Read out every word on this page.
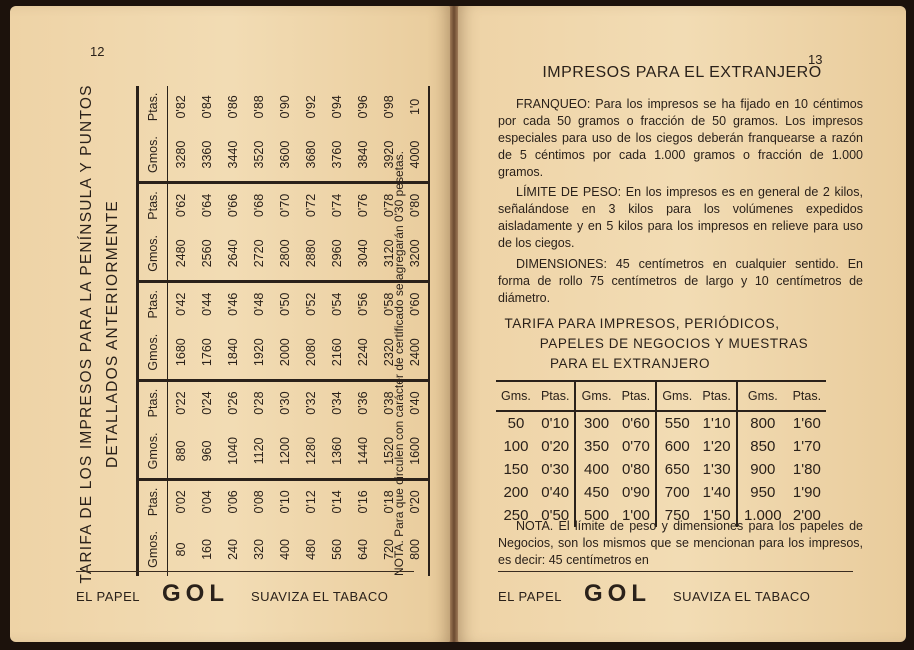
12
TARIFA DE LOS IMPRESOS PARA LA PENÍNSULA Y PUNTOS DETALLADOS ANTERIORMENTE
Gmos.	Ptas.	Gmos.	Ptas.	Gmos.	Ptas.	Gmos.	Ptas.	Gmos.	Ptas.
80	0'02	880	0'22	1680	0'42	2480	0'62	3280	0'82
160	0'04	960	0'24	1760	0'44	2560	0'64	3360	0'84
240	0'06	1040	0'26	1840	0'46	2640	0'66	3440	0'86
320	0'08	1120	0'28	1920	0'48	2720	0'68	3520	0'88
400	0'10	1200	0'30	2000	0'50	2800	0'70	3600	0'90
480	0'12	1280	0'32	2080	0'52	2880	0'72	3680	0'92
560	0'14	1360	0'34	2160	0'54	2960	0'74	3760	0'94
640	0'16	1440	0'36	2240	0'56	3040	0'76	3840	0'96
720	0'18	1520	0'38	2320	0'58	3120	0'78	3920	0'98
800	0'20	1600	0'40	2400	0'60	3200	0'80	4000	1'0
NOTA. Para que circulen con carácter de certificado se agregarán 0'30 pesetas.
EL PAPEL GOL SUAVIZA EL TABACO
13
IMPRESOS PARA EL EXTRANJERO
FRANQUEO: Para los impresos se ha fijado en 10 céntimos por cada 50 gramos o fracción de 50 gramos. Los impresos especiales para uso de los ciegos deberán franquearse a razón de 5 céntimos por cada 1.000 gramos o fracción de 1.000 gramos.
LÍMITE DE PESO: En los impresos es en general de 2 kilos, señalándose en 3 kilos para los volúmenes expedidos aisladamente y en 5 kilos para los impresos en relieve para uso de los ciegos.
DIMENSIONES: 45 centímetros en cualquier sentido. En forma de rollo 75 centímetros de largo y 10 centímetros de diámetro.
TARIFA PARA IMPRESOS, PERIÓDICOS,
PAPELES DE NEGOCIOS Y MUESTRAS
PARA EL EXTRANJERO
Gms.	Ptas.	Gms.	Ptas.	Gms.	Ptas.	Gms.	Ptas.
50	0'10	300	0'60	550	1'10	800	1'60
100	0'20	350	0'70	600	1'20	850	1'70
150	0'30	400	0'80	650	1'30	900	1'80
200	0'40	450	0'90	700	1'40	950	1'90
250	0'50	500	1'00	750	1'50	1.000	2'00
NOTA. El límite de peso y dimensiones para los papeles de Negocios, son los mismos que se mencionan para los impresos, es decir: 45 centímetros en
EL PAPEL GOL SUAVIZA EL TABACO
